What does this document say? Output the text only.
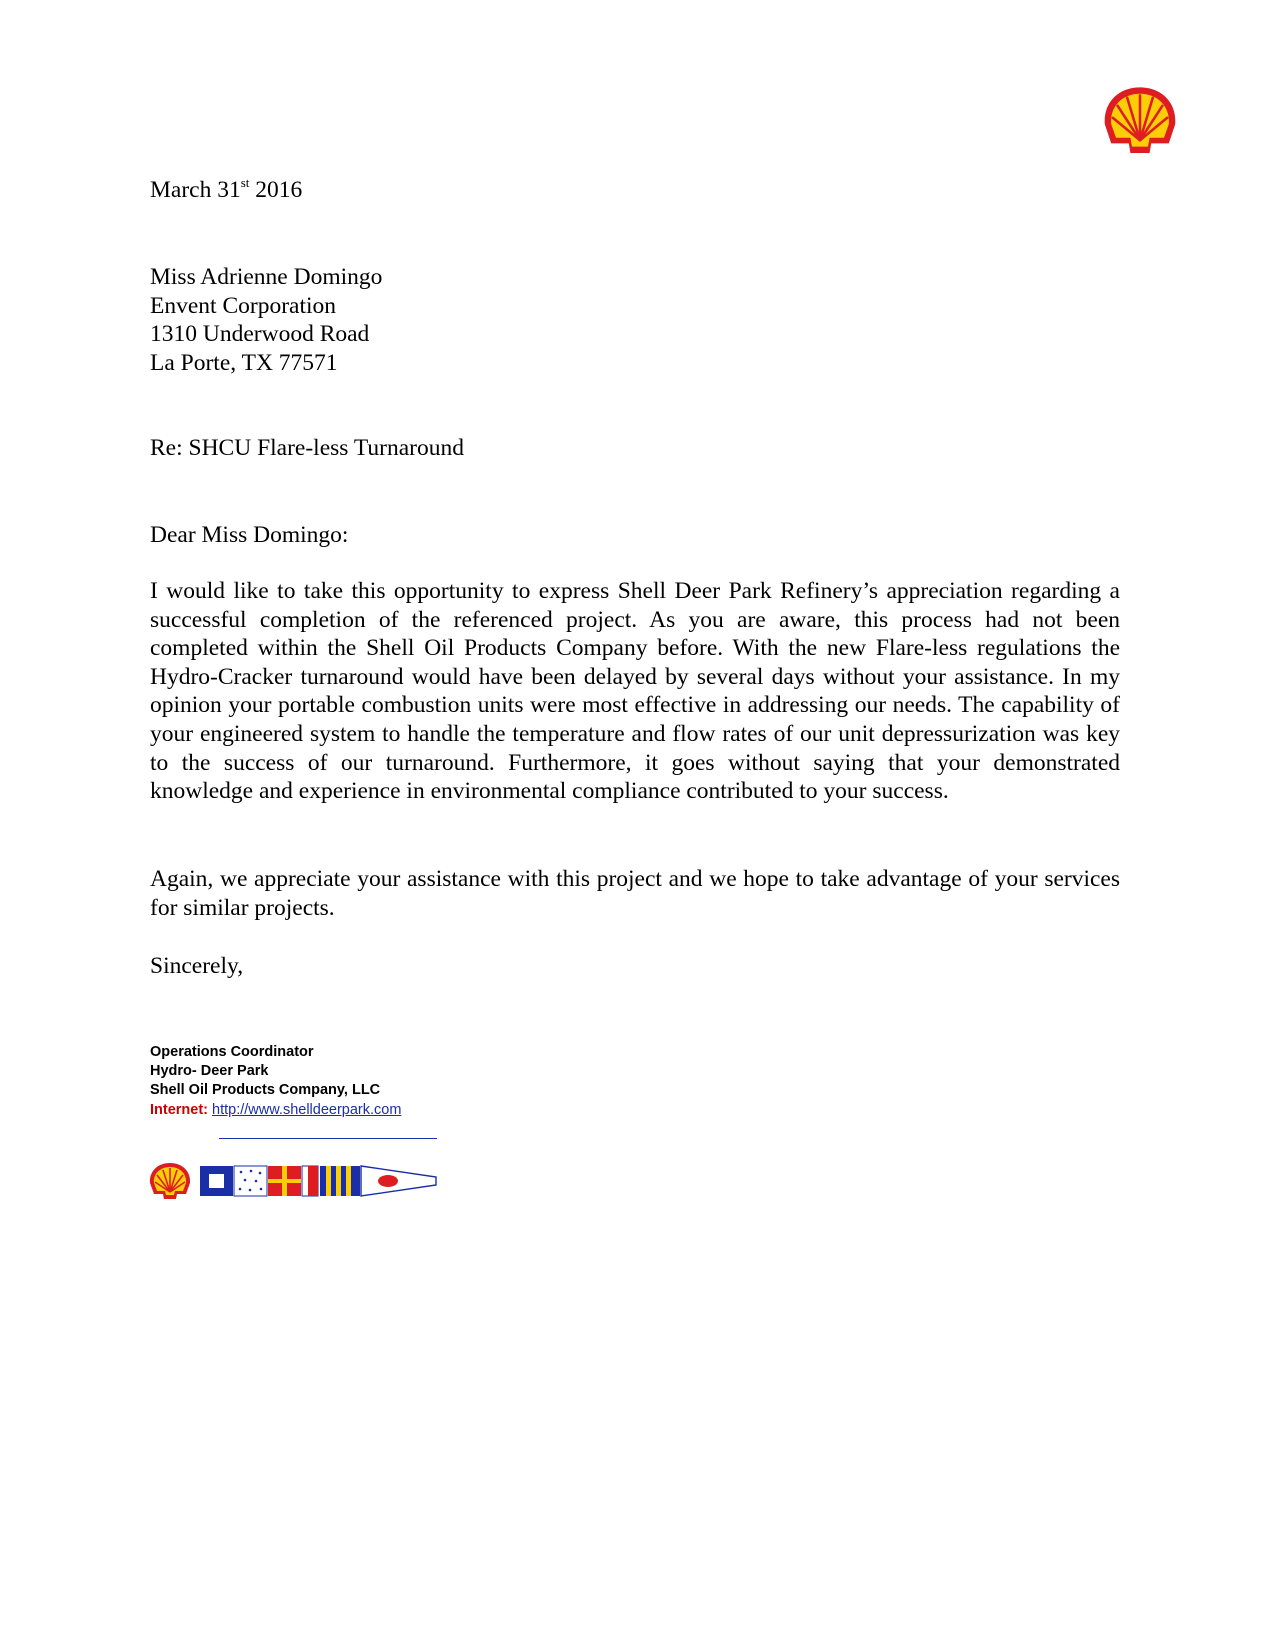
March 31st 2016
Miss Adrienne Domingo
Envent Corporation
1310 Underwood Road
La Porte, TX 77571
Re: SHCU Flare-less Turnaround
Dear Miss Domingo:
I would like to take this opportunity to express Shell Deer Park Refinery’s appreciation regarding a successful completion of the referenced project. As you are aware, this process had not been completed within the Shell Oil Products Company before. With the new Flare-less regulations the Hydro-Cracker turnaround would have been delayed by several days without your assistance. In my opinion your portable combustion units were most effective in addressing our needs. The capability of your engineered system to handle the temperature and flow rates of our unit depressurization was key to the success of our turnaround. Furthermore, it goes without saying that your demonstrated knowledge and experience in environmental compliance contributed to your success.
Again, we appreciate your assistance with this project and we hope to take advantage of your services for similar projects.
Sincerely,
Operations Coordinator
Hydro- Deer Park
Shell Oil Products Company, LLC
Internet: http://www.shelldeerpark.com
